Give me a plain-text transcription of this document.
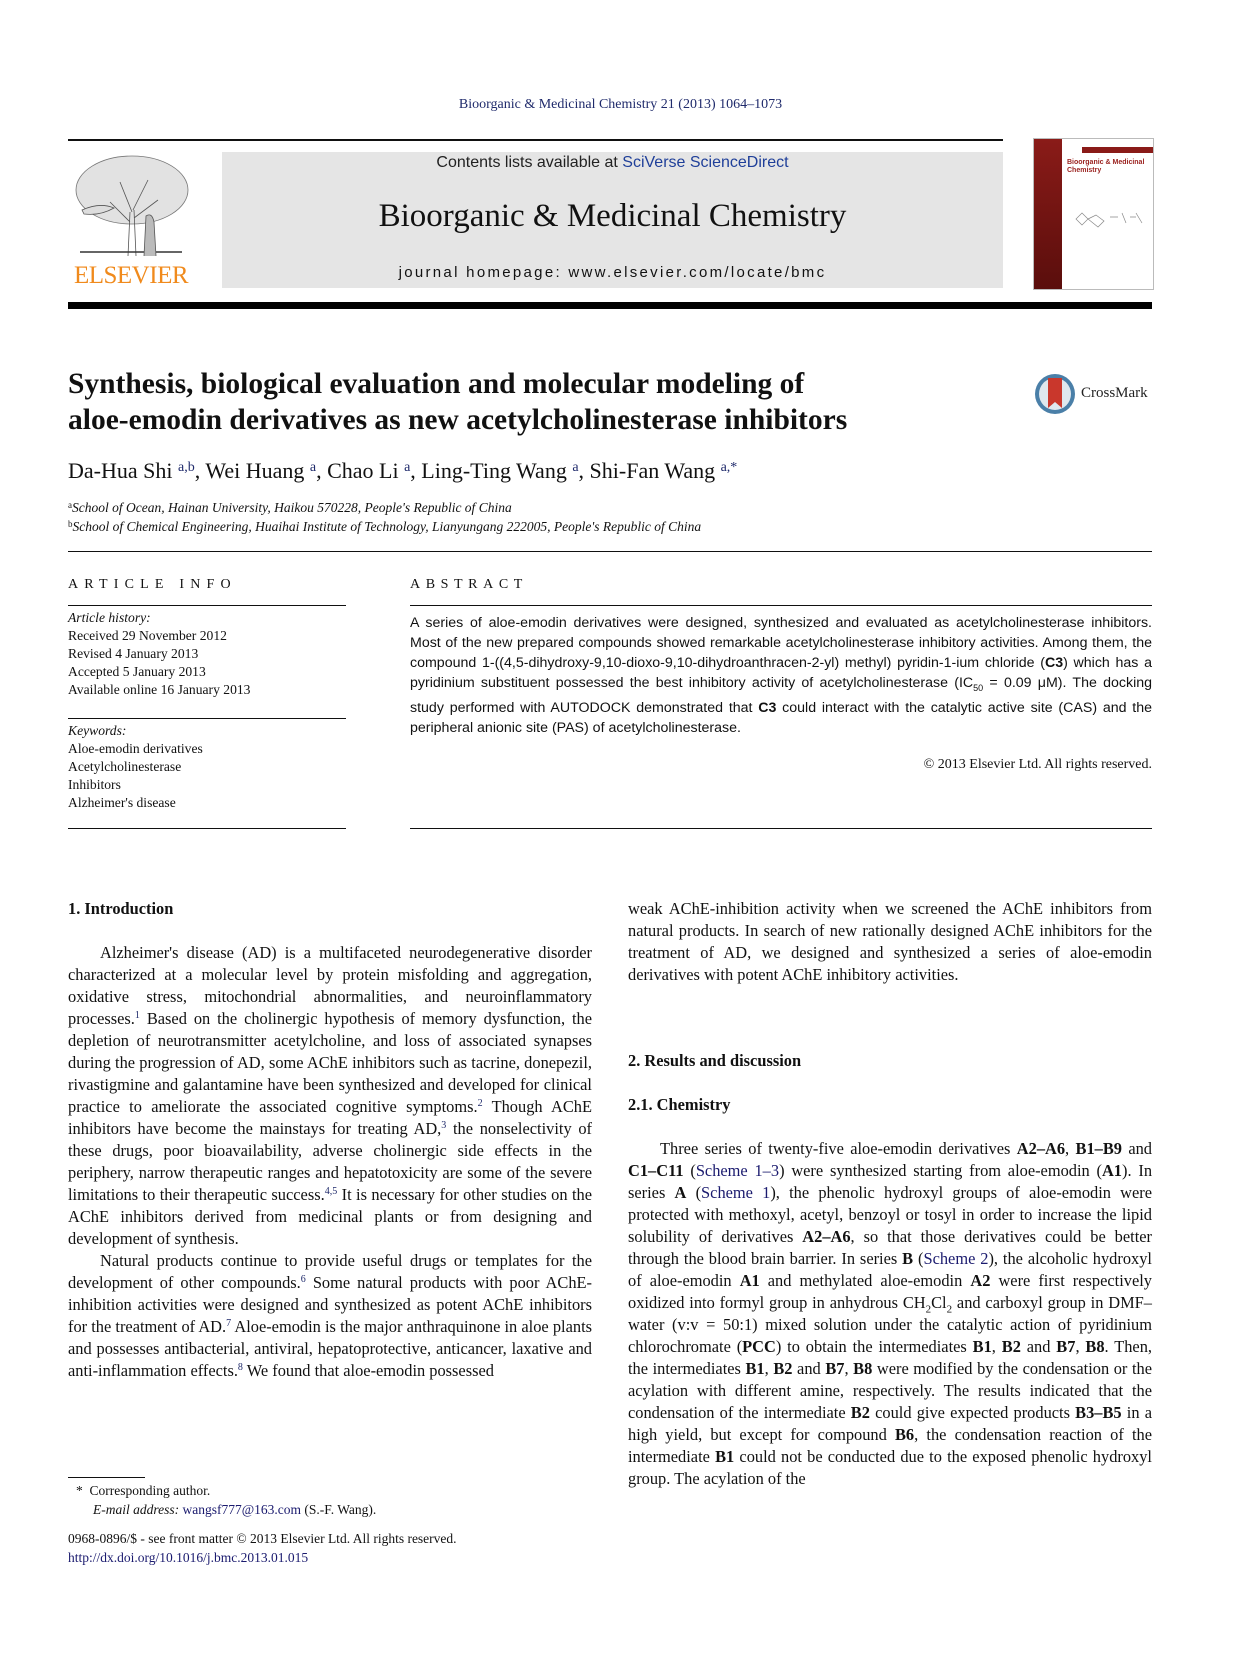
Bioorganic & Medicinal Chemistry 21 (2013) 1064–1073
ELSEVIER
Contents lists available at SciVerse ScienceDirect
Bioorganic & Medicinal Chemistry
journal homepage: www.elsevier.com/locate/bmc
Bioorganic & Medicinal Chemistry
Synthesis, biological evaluation and molecular modeling of
aloe-emodin derivatives as new acetylcholinesterase inhibitors
CrossMark
Da-Hua Shi $^{a,b}$, Wei Huang $^a$, Chao Li $^a$, Ling-Ting Wang $^a$, Shi-Fan Wang $^{a,*}$
$^a$School of Ocean, Hainan University, Haikou 570228, People's Republic of China
$^b$School of Chemical Engineering, Huaihai Institute of Technology, Lianyungang 222005, People's Republic of China
ARTICLE INFO
Article history:
Received 29 November 2012
Revised 4 January 2013
Accepted 5 January 2013
Available online 16 January 2013
Keywords:
Aloe-emodin derivatives
Acetylcholinesterase
Inhibitors
Alzheimer's disease
ABSTRACT
A series of aloe-emodin derivatives were designed, synthesized and evaluated as acetylcholinesterase inhibitors. Most of the new prepared compounds showed remarkable acetylcholinesterase inhibitory activities. Among them, the compound 1-((4,5-dihydroxy-9,10-dioxo-9,10-dihydroanthracen-2-yl) methyl) pyridin-1-ium chloride (C3) which has a pyridinium substituent possessed the best inhibitory activity of acetylcholinesterase ($IC_{50} = 0.09$ μM). The docking study performed with AUTODOCK demonstrated that C3 could interact with the catalytic active site (CAS) and the peripheral anionic site (PAS) of acetylcholinesterase.
© 2013 Elsevier Ltd. All rights reserved.
1. Introduction

Alzheimer's disease (AD) is a multifaceted neurodegenerative disorder characterized at a molecular level by protein misfolding and aggregation, oxidative stress, mitochondrial abnormalities, and neuroinflammatory processes.$^1$ Based on the cholinergic hypothesis of memory dysfunction, the depletion of neurotransmitter acetylcholine, and loss of associated synapses during the progression of AD, some AChE inhibitors such as tacrine, donepezil, rivastigmine and galantamine have been synthesized and developed for clinical practice to ameliorate the associated cognitive symptoms.$^2$ Though AChE inhibitors have become the mainstays for treating AD,$^3$ the nonselectivity of these drugs, poor bioavailability, adverse cholinergic side effects in the periphery, narrow therapeutic ranges and hepatotoxicity are some of the severe limitations to their therapeutic success.$^{4,5}$ It is necessary for other studies on the AChE inhibitors derived from medicinal plants or from designing and development of synthesis.

Natural products continue to provide useful drugs or templates for the development of other compounds.$^6$ Some natural products with poor AChE-inhibition activities were designed and synthesized as potent AChE inhibitors for the treatment of AD.$^7$ Aloe-emodin is the major anthraquinone in aloe plants and possesses antibacterial, antiviral, hepatoprotective, anticancer, laxative and anti-inflammation effects.$^8$ We found that aloe-emodin possessed

weak AChE-inhibition activity when we screened the AChE inhibitors from natural products. In search of new rationally designed AChE inhibitors for the treatment of AD, we designed and synthesized a series of aloe-emodin derivatives with potent AChE inhibitory activities.

2. Results and discussion
2.1. Chemistry

Three series of twenty-five aloe-emodin derivatives A2–A6, B1–B9 and C1–C11 (Scheme 1–3) were synthesized starting from aloe-emodin (A1). In series A (Scheme 1), the phenolic hydroxyl groups of aloe-emodin were protected with methoxyl, acetyl, benzoyl or tosyl in order to increase the lipid solubility of derivatives A2–A6, so that those derivatives could be better through the blood brain barrier. In series B (Scheme 2), the alcoholic hydroxyl of aloe-emodin A1 and methylated aloe-emodin A2 were first respectively oxidized into formyl group in anhydrous $CH_2Cl_2$ and carboxyl group in DMF–water (v:v = 50:1) mixed solution under the catalytic action of pyridinium chlorochromate (PCC) to obtain the intermediates B1, B2 and B7, B8. Then, the intermediates B1, B2 and B7, B8 were modified by the condensation or the acylation with different amine, respectively. The results indicated that the condensation of the intermediate B2 could give expected products B3–B5 in a high yield, but except for compound B6, the condensation reaction of the intermediate B1 could not be conducted due to the exposed phenolic hydroxyl group. The acylation of the

* Corresponding author.
E-mail address: wangsf777@163.com (S.-F. Wang).
0968-0896/$ - see front matter © 2013 Elsevier Ltd. All rights reserved.
http://dx.doi.org/10.1016/j.bmc.2013.01.015
